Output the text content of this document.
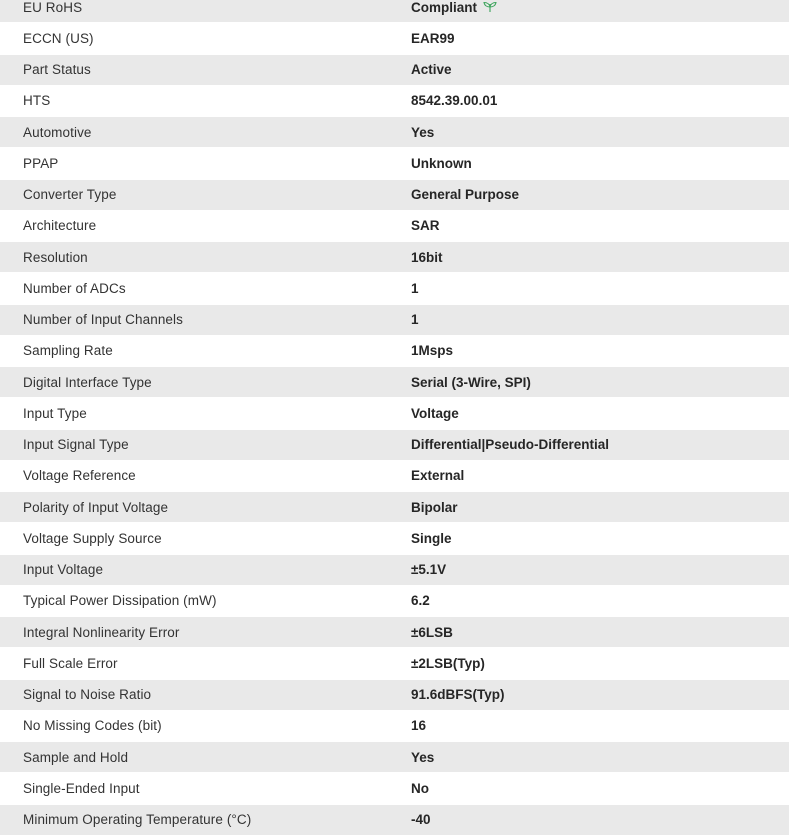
EU RoHS	Compliant
ECCN (US)	EAR99
Part Status	Active
HTS	8542.39.00.01
Automotive	Yes
PPAP	Unknown
Converter Type	General Purpose
Architecture	SAR
Resolution	16bit
Number of ADCs	1
Number of Input Channels	1
Sampling Rate	1Msps
Digital Interface Type	Serial (3-Wire, SPI)
Input Type	Voltage
Input Signal Type	Differential|Pseudo-Differential
Voltage Reference	External
Polarity of Input Voltage	Bipolar
Voltage Supply Source	Single
Input Voltage	±5.1V
Typical Power Dissipation (mW)	6.2
Integral Nonlinearity Error	±6LSB
Full Scale Error	±2LSB(Typ)
Signal to Noise Ratio	91.6dBFS(Typ)
No Missing Codes (bit)	16
Sample and Hold	Yes
Single-Ended Input	No
Minimum Operating Temperature (°C)	-40
